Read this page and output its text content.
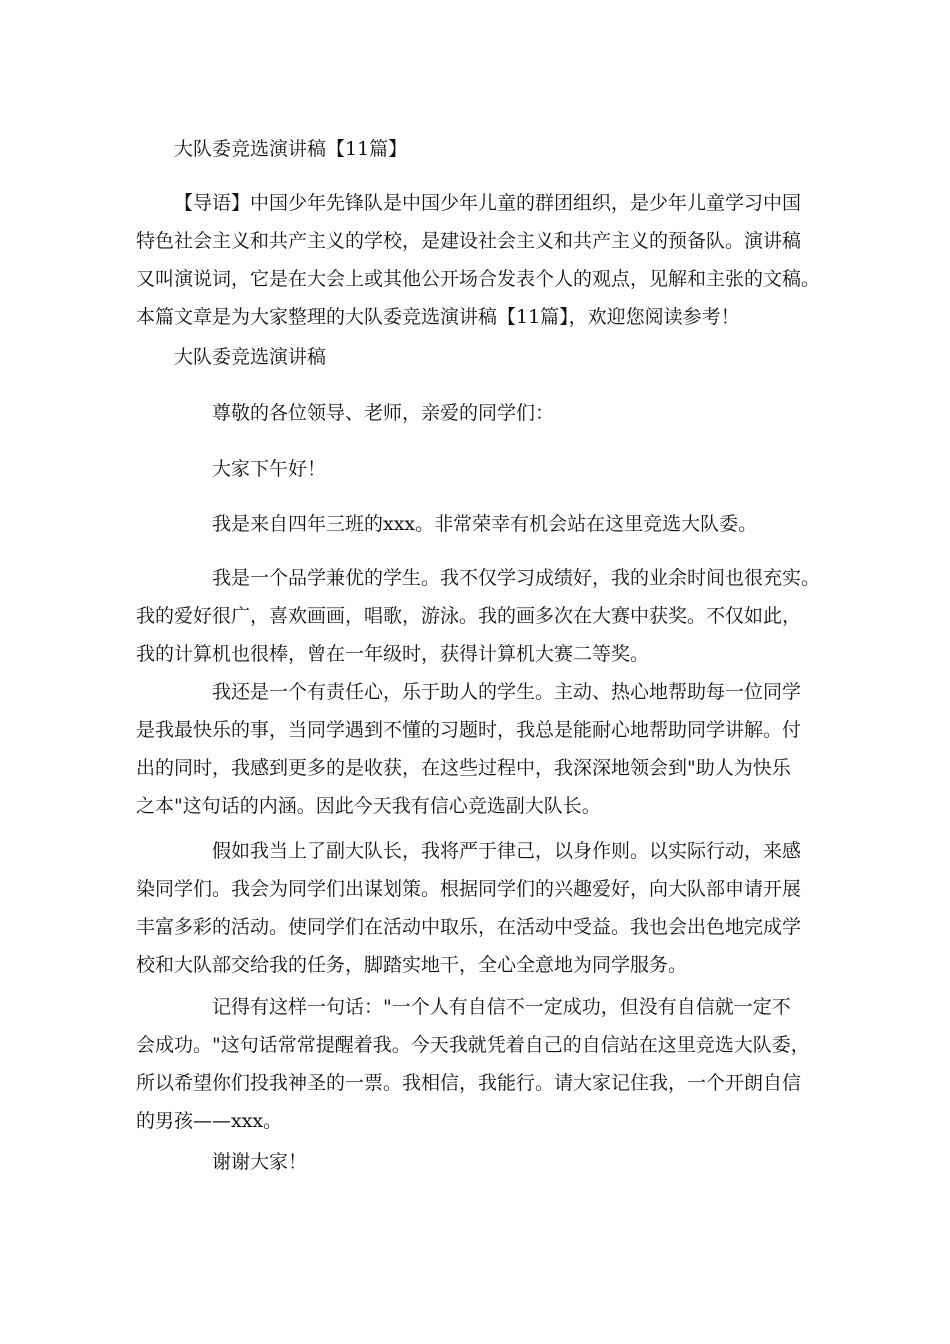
大队委竞选演讲稿【11篇】
【导语】中国少年先锋队是中国少年儿童的群团组织，是少年儿童学习中国
特色社会主义和共产主义的学校，是建设社会主义和共产主义的预备队。演讲稿
又叫演说词，它是在大会上或其他公开场合发表个人的观点，见解和主张的文稿。
本篇文章是为大家整理的大队委竞选演讲稿【11篇】，欢迎您阅读参考！
大队委竞选演讲稿
尊敬的各位领导、老师，亲爱的同学们：
大家下午好！
我是来自四年三班的xxx。非常荣幸有机会站在这里竞选大队委。
我是一个品学兼优的学生。我不仅学习成绩好，我的业余时间也很充实。
我的爱好很广，喜欢画画，唱歌，游泳。我的画多次在大赛中获奖。不仅如此，
我的计算机也很棒，曾在一年级时，获得计算机大赛二等奖。
我还是一个有责任心，乐于助人的学生。主动、热心地帮助每一位同学
是我最快乐的事，当同学遇到不懂的习题时，我总是能耐心地帮助同学讲解。付
出的同时，我感到更多的是收获，在这些过程中，我深深地领会到"助人为快乐
之本"这句话的内涵。因此今天我有信心竞选副大队长。
假如我当上了副大队长，我将严于律己，以身作则。以实际行动，来感
染同学们。我会为同学们出谋划策。根据同学们的兴趣爱好，向大队部申请开展
丰富多彩的活动。使同学们在活动中取乐，在活动中受益。我也会出色地完成学
校和大队部交给我的任务，脚踏实地干，全心全意地为同学服务。
记得有这样一句话："一个人有自信不一定成功，但没有自信就一定不
会成功。"这句话常常提醒着我。今天我就凭着自己的自信站在这里竞选大队委，
所以希望你们投我神圣的一票。我相信，我能行。请大家记住我，一个开朗自信
的男孩——xxx。
谢谢大家！
